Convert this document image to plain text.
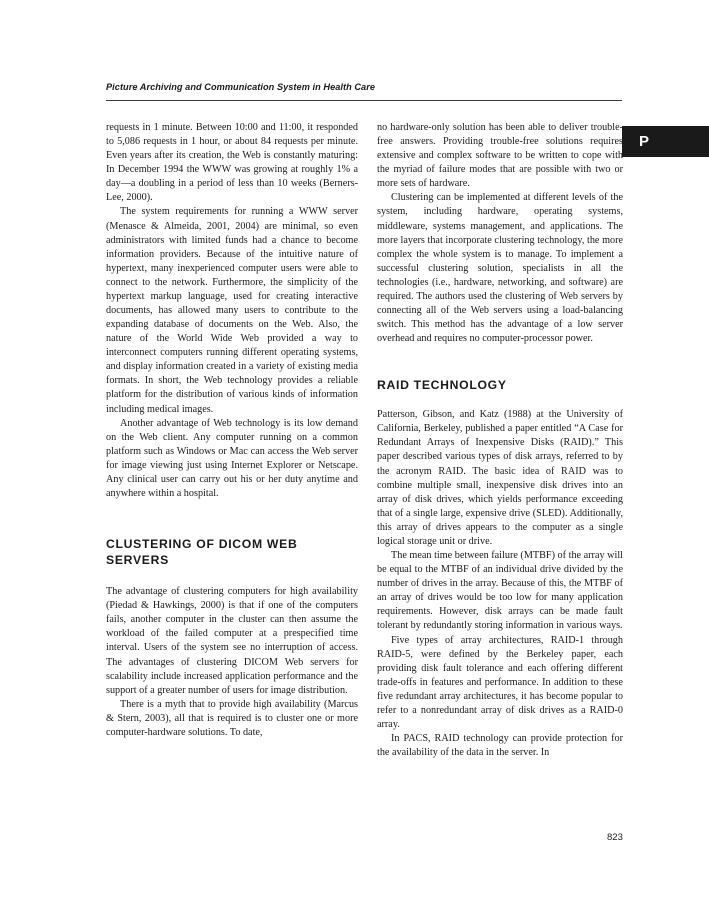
Picture Archiving and Communication System in Health Care
P

requests in 1 minute. Between 10:00 and 11:00, it responded to 5,086 requests in 1 hour, or about 84 requests per minute. Even years after its creation, the Web is constantly maturing: In December 1994 the WWW was growing at roughly 1% a day—a doubling in a period of less than 10 weeks (Berners-Lee, 2000).

The system requirements for running a WWW server (Menasce & Almeida, 2001, 2004) are minimal, so even administrators with limited funds had a chance to become information providers. Because of the intuitive nature of hypertext, many inexperienced computer users were able to connect to the network. Furthermore, the simplicity of the hypertext markup language, used for creating interactive documents, has allowed many users to contribute to the expanding database of documents on the Web. Also, the nature of the World Wide Web provided a way to interconnect computers running different operating systems, and display information created in a variety of existing media formats. In short, the Web technology provides a reliable platform for the distribution of various kinds of information including medical images.

Another advantage of Web technology is its low demand on the Web client. Any computer running on a common platform such as Windows or Mac can access the Web server for image viewing just using Internet Explorer or Netscape. Any clinical user can carry out his or her duty anytime and anywhere within a hospital.

CLUSTERING OF DICOM WEB SERVERS

The advantage of clustering computers for high availability (Piedad & Hawkings, 2000) is that if one of the computers fails, another computer in the cluster can then assume the workload of the failed computer at a prespecified time interval. Users of the system see no interruption of access. The advantages of clustering DICOM Web servers for scalability include increased application performance and the support of a greater number of users for image distribution.

There is a myth that to provide high availability (Marcus & Stern, 2003), all that is required is to cluster one or more computer-hardware solutions. To date,

no hardware-only solution has been able to deliver trouble-free answers. Providing trouble-free solutions requires extensive and complex software to be written to cope with the myriad of failure modes that are possible with two or more sets of hardware.

Clustering can be implemented at different levels of the system, including hardware, operating systems, middleware, systems management, and applications. The more layers that incorporate clustering technology, the more complex the whole system is to manage. To implement a successful clustering solution, specialists in all the technologies (i.e., hardware, networking, and software) are required. The authors used the clustering of Web servers by connecting all of the Web servers using a load-balancing switch. This method has the advantage of a low server overhead and requires no computer-processor power.

RAID TECHNOLOGY

Patterson, Gibson, and Katz (1988) at the University of California, Berkeley, published a paper entitled “A Case for Redundant Arrays of Inexpensive Disks (RAID).” This paper described various types of disk arrays, referred to by the acronym RAID. The basic idea of RAID was to combine multiple small, inexpensive disk drives into an array of disk drives, which yields performance exceeding that of a single large, expensive drive (SLED). Additionally, this array of drives appears to the computer as a single logical storage unit or drive.

The mean time between failure (MTBF) of the array will be equal to the MTBF of an individual drive divided by the number of drives in the array. Because of this, the MTBF of an array of drives would be too low for many application requirements. However, disk arrays can be made fault tolerant by redundantly storing information in various ways.

Five types of array architectures, RAID-1 through RAID-5, were defined by the Berkeley paper, each providing disk fault tolerance and each offering different trade-offs in features and performance. In addition to these five redundant array architectures, it has become popular to refer to a nonredundant array of disk drives as a RAID-0 array.

In PACS, RAID technology can provide protection for the availability of the data in the server. In

823
